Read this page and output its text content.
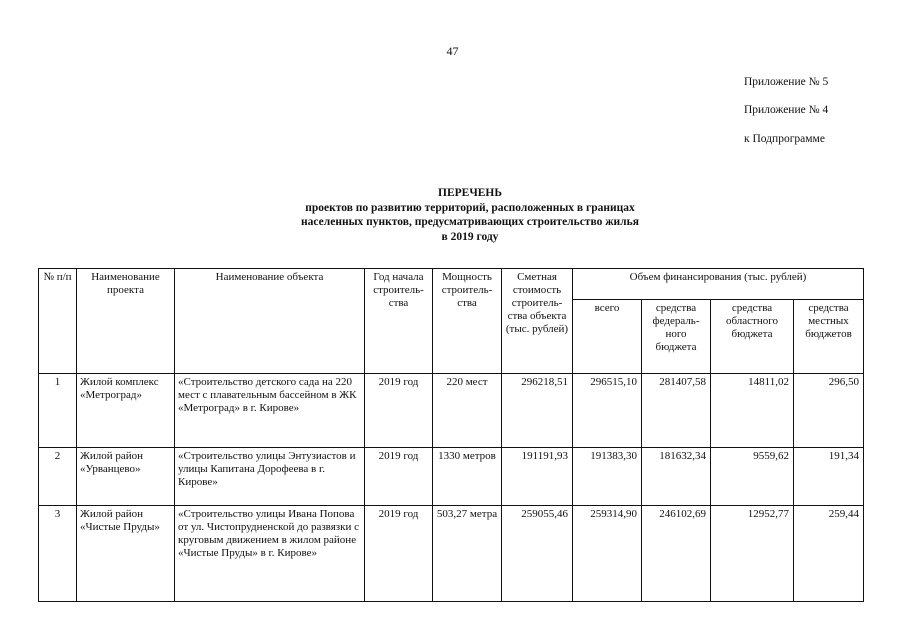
47
Приложение № 5
Приложение № 4
к Подпрограмме
ПЕРЕЧЕНЬ
проектов по развитию территорий, расположенных в границах
населенных пунктов, предусматривающих строительство жилья
в 2019 году
№ п/п	Наименование проекта	Наименование объекта	Год начала строитель-ства	Мощность строитель-ства	Сметная стоимость строитель-ства объекта (тыс. рублей)	Объем финансирования (тыс. рублей)			
						всего	средства федераль-ного бюджета	средства областного бюджета	средства местных бюджетов
1	Жилой комплекс «Метроград»	«Строительство детского сада на 220 мест с плавательным бассейном в ЖК «Метроград» в г. Кирове»	2019 год	220 мест	296218,51	296515,10	281407,58	14811,02	296,50
2	Жилой район «Урванцево»	«Строительство улицы Энтузиастов и улицы Капитана Дорофеева в г. Кирове»	2019 год	1330 метров	191191,93	191383,30	181632,34	9559,62	191,34
3	Жилой район «Чистые Пруды»	«Строительство улицы Ивана Попова от ул. Чистопрудненской до развязки с круговым движением в жилом районе «Чистые Пруды» в г. Кирове»	2019 год	503,27 метра	259055,46	259314,90	246102,69	12952,77	259,44
